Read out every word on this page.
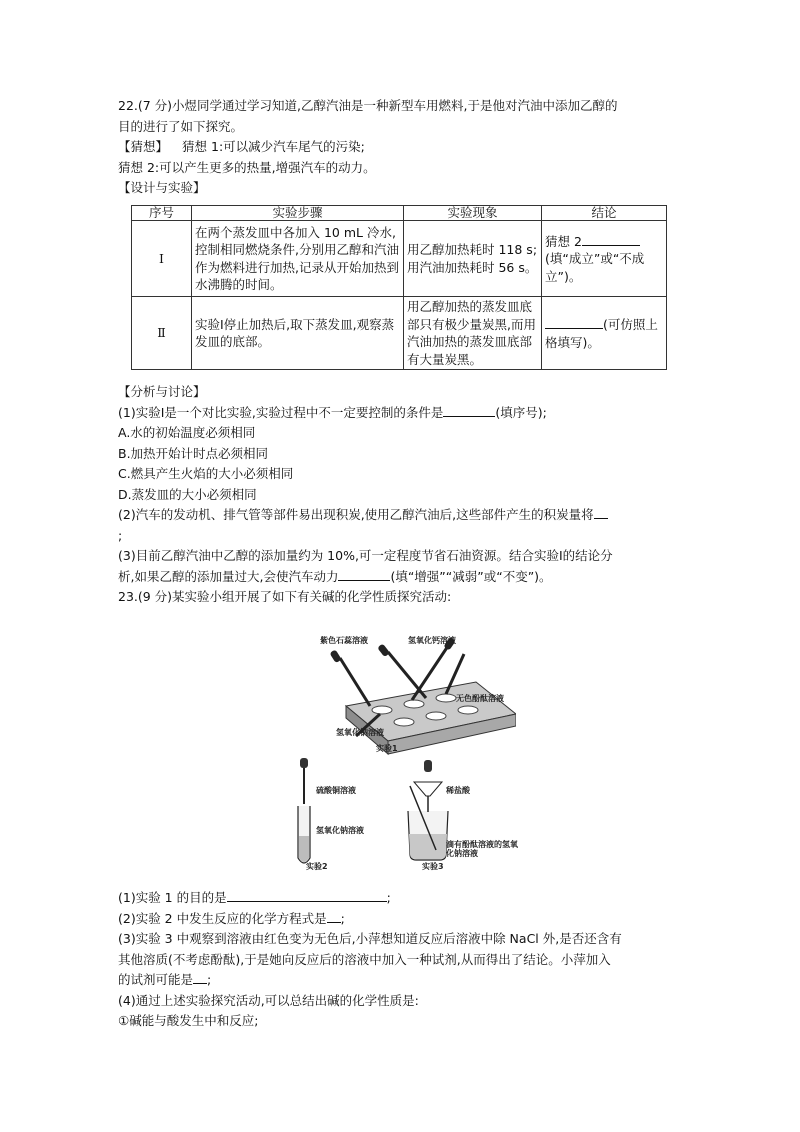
22.(7 分)小煜同学通过学习知道,乙醇汽油是一种新型车用燃料,于是他对汽油中添加乙醇的
目的进行了如下探究。
【猜想】 猜想 1:可以减少汽车尾气的污染;
猜想 2:可以产生更多的热量,增强汽车的动力。
【设计与实验】
序号	实验步骤	实验现象	结论
Ⅰ	在两个蒸发皿中各加入 10 mL 冷水,控制相同燃烧条件,分别用乙醇和汽油作为燃料进行加热,记录从开始加热到水沸腾的时间。	用乙醇加热耗时 118 s;用汽油加热耗时 56 s。	猜想 2(填“成立”或“不成立”)。
Ⅱ	实验Ⅰ停止加热后,取下蒸发皿,观察蒸发皿的底部。	用乙醇加热的蒸发皿底部只有极少量炭黑,而用汽油加热的蒸发皿底部有大量炭黑。	(可仿照上格填写)。
【分析与讨论】
(1)实验Ⅰ是一个对比实验,实验过程中不一定要控制的条件是	(填序号);
A.水的初始温度必须相同
B.加热开始计时点必须相同
C.燃具产生火焰的大小必须相同
D.蒸发皿的大小必须相同
(2)汽车的发动机、排气管等部件易出现积炭,使用乙醇汽油后,这些部件产生的积炭量将
;
(3)目前乙醇汽油中乙醇的添加量约为 10%,可一定程度节省石油资源。结合实验Ⅰ的结论分
析,如果乙醇的添加量过大,会使汽车动力	(填“增强”“减弱”或“不变”)。
23.(9 分)某实验小组开展了如下有关碱的化学性质探究活动:
紫色石蕊溶液	氢氧化钙溶液
无色酚酞溶液
氢氧化钠溶液
实验1
硫酸铜溶液
氢氧化钠溶液
实验2
稀盐酸
滴有酚酞溶液的氢氧化钠溶液
实验3
(1)实验 1 的目的是	;
(2)实验 2 中发生反应的化学方程式是 ;
(3)实验 3 中观察到溶液由红色变为无色后,小萍想知道反应后溶液中除 NaCl 外,是否还含有
其他溶质(不考虑酚酞),于是她向反应后的溶液中加入一种试剂,从而得出了结论。小萍加入
的试剂可能是 ;
(4)通过上述实验探究活动,可以总结出碱的化学性质是:
①碱能与酸发生中和反应;
